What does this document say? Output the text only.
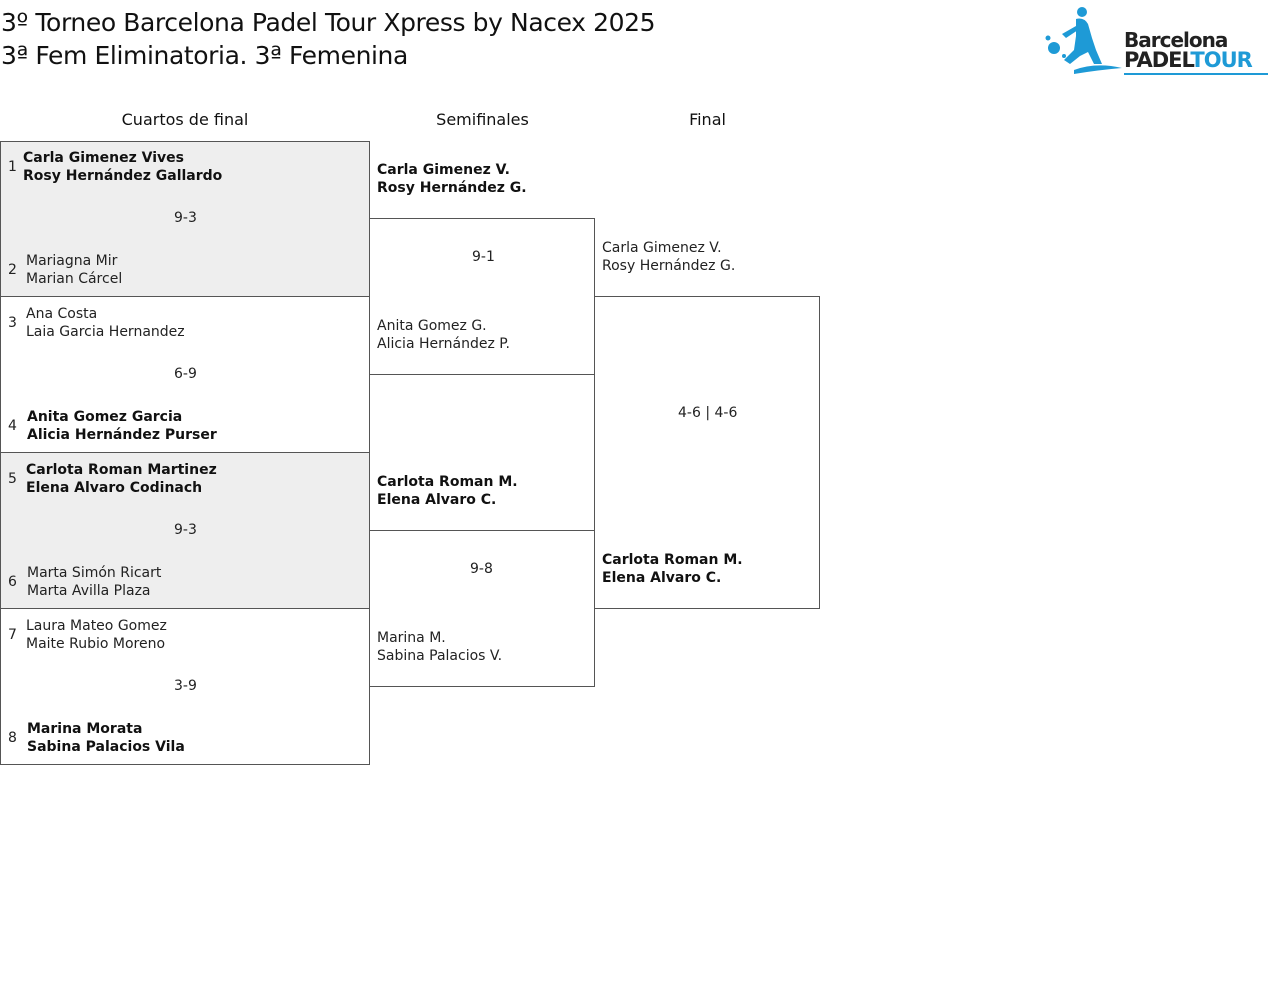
3º Torneo Barcelona Padel Tour Xpress by Nacex 2025
3ª Fem Eliminatoria. 3ª Femenina
Barcelona
PADELTOUR
Cuartos de final	Semifinales	Final
1
Carla Gimenez Vives
Rosy Hernández Gallardo
9-3
2
Mariagna Mir
Marian Cárcel
3
Ana Costa
Laia Garcia Hernandez
6-9
4
Anita Gomez Garcia
Alicia Hernández Purser
5
Carlota Roman Martinez
Elena Alvaro Codinach
9-3
6
Marta Simón Ricart
Marta Avilla Plaza
7
Laura Mateo Gomez
Maite Rubio Moreno
3-9
8
Marina Morata
Sabina Palacios Vila
Carla Gimenez V.
Rosy Hernández G.
9-1
Anita Gomez G.
Alicia Hernández P.
Carlota Roman M.
Elena Alvaro C.
9-8
Marina M.
Sabina Palacios V.
Carla Gimenez V.
Rosy Hernández G.
4-6 | 4-6
Carlota Roman M.
Elena Alvaro C.
